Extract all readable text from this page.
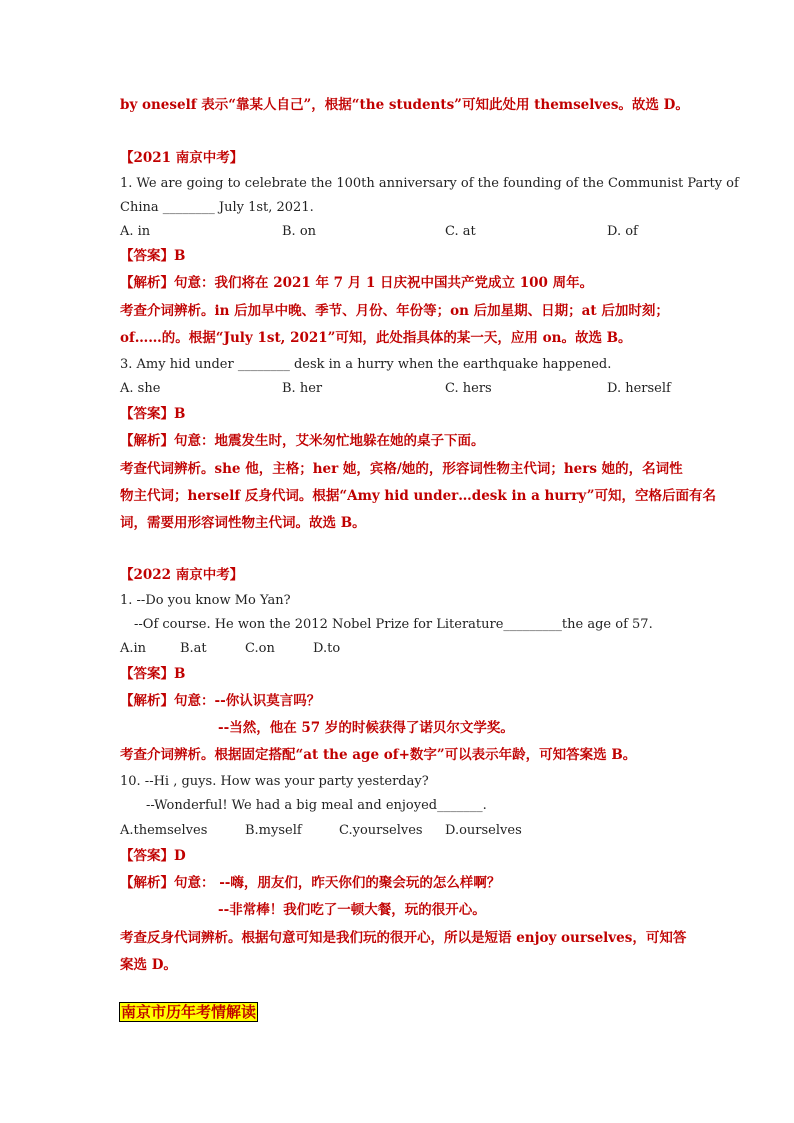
by oneself 表示“靠某人自己”，根据“the students”可知此处用 themselves。故选 D。
【2021 南京中考】
1. We are going to celebrate the 100th anniversary of the founding of the Communist Party of
China ________ July 1st, 2021.
A. in	B. on	C. at	D. of
【答案】B
【解析】句意：我们将在 2021 年 7 月 1 日庆祝中国共产党成立 100 周年。
考查介词辨析。in 后加早中晚、季节、月份、年份等；on 后加星期、日期；at 后加时刻；
of……的。根据“July 1st, 2021”可知，此处指具体的某一天，应用 on。故选 B。
3. Amy hid under ________ desk in a hurry when the earthquake happened.
A. she	B. her	C. hers	D. herself
【答案】B
【解析】句意：地震发生时，艾米匆忙地躲在她的桌子下面。
考查代词辨析。she 他，主格；her 她，宾格/她的，形容词性物主代词；hers 她的，名词性
物主代词；herself 反身代词。根据“Amy hid under…desk in a hurry”可知，空格后面有名
词，需要用形容词性物主代词。故选 B。
【2022 南京中考】
1. --Do you know Mo Yan?
--Of course. He won the 2012 Nobel Prize for Literature_________the age of 57.
A.in	B.at	C.on	D.to
【答案】B
【解析】句意：--你认识莫言吗？
--当然，他在 57 岁的时候获得了诺贝尔文学奖。
考查介词辨析。根据固定搭配“at the age of+数字”可以表示年龄，可知答案选 B。
10. --Hi , guys. How was your party yesterday?
--Wonderful! We had a big meal and enjoyed_______.
A.themselves	B.myself	C.yourselves D.ourselves
【答案】D
【解析】句意： --嗨，朋友们，昨天你们的聚会玩的怎么样啊？
--非常棒！我们吃了一顿大餐，玩的很开心。
考查反身代词辨析。根据句意可知是我们玩的很开心，所以是短语 enjoy ourselves，可知答
案选 D。
南京市历年考情解读
